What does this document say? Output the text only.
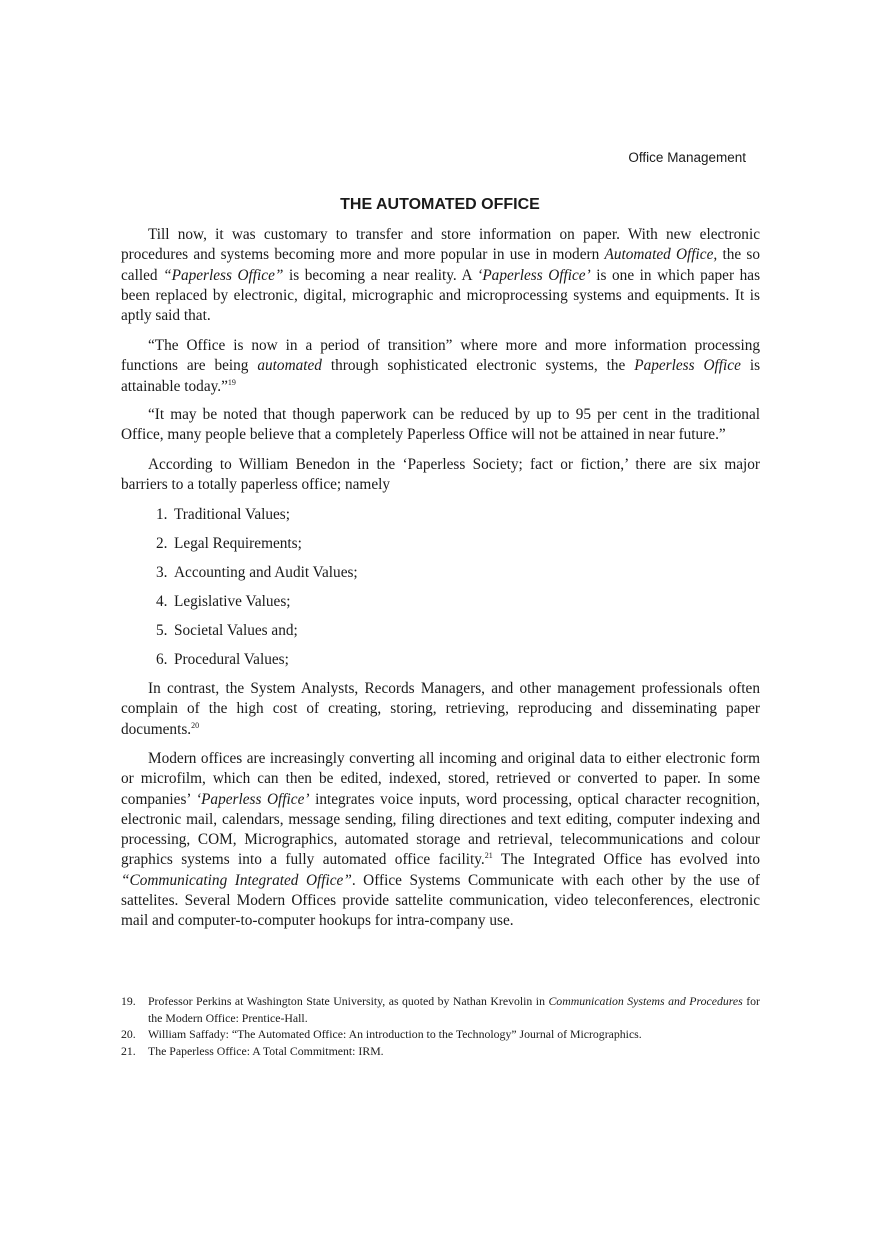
Office Management
THE AUTOMATED OFFICE
Till now, it was customary to transfer and store information on paper. With new electronic procedures and systems becoming more and more popular in use in modern Automated Office, the so called “Paperless Office” is becoming a near reality. A ‘Paperless Office’ is one in which paper has been replaced by electronic, digital, micrographic and microprocessing systems and equipments. It is aptly said that.
“The Office is now in a period of transition” where more and more information processing functions are being automated through sophisticated electronic systems, the Paperless Office is attainable today.”$^{19}$
“It may be noted that though paperwork can be reduced by up to 95 per cent in the traditional Office, many people believe that a completely Paperless Office will not be attained in near future.”
According to William Benedon in the ‘Paperless Society; fact or fiction,’ there are six major barriers to a totally paperless office; namely
1. Traditional Values;
2. Legal Requirements;
3. Accounting and Audit Values;
4. Legislative Values;
5. Societal Values and;
6. Procedural Values;
In contrast, the System Analysts, Records Managers, and other management professionals often complain of the high cost of creating, storing, retrieving, reproducing and disseminating paper documents.$^{20}$
Modern offices are increasingly converting all incoming and original data to either electronic form or microfilm, which can then be edited, indexed, stored, retrieved or converted to paper. In some companies’ ‘Paperless Office’ integrates voice inputs, word processing, optical character recognition, electronic mail, calendars, message sending, filing directiones and text editing, computer indexing and processing, COM, Micrographics, automated storage and retrieval, telecommunications and colour graphics systems into a fully automated office facility.$^{21}$ The Integrated Office has evolved into “Communicating Integrated Office”. Office Systems Communicate with each other by the use of sattelites. Several Modern Offices provide sattelite communication, video teleconferences, electronic mail and computer-to-computer hookups for intra-company use.
19. Professor Perkins at Washington State University, as quoted by Nathan Krevolin in Communication Systems and Procedures for the Modern Office: Prentice-Hall.
20. William Saffady: “The Automated Office: An introduction to the Technology” Journal of Micrographics.
21. The Paperless Office: A Total Commitment: IRM.
